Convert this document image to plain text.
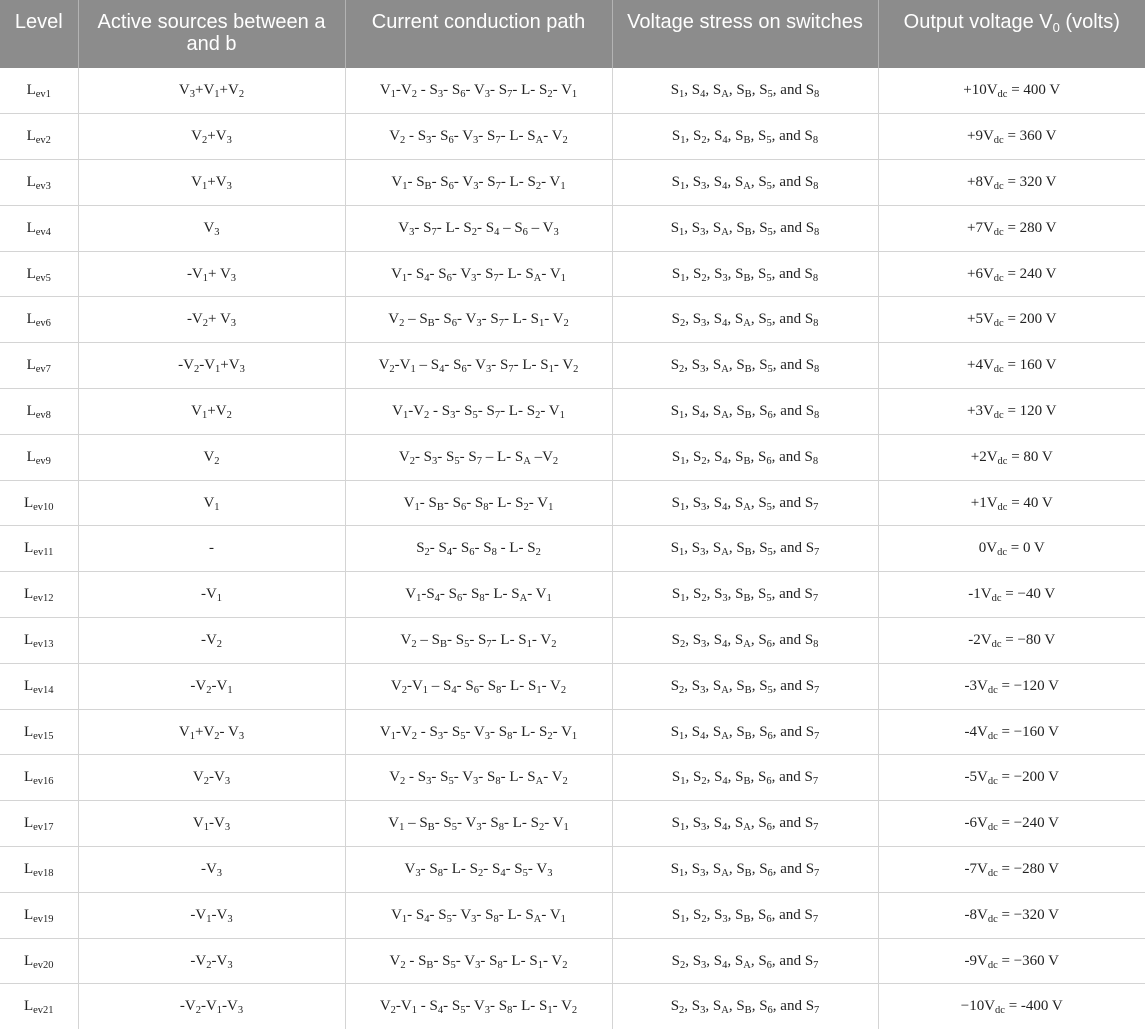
Level	Active sources between a and b	Current conduction path	Voltage stress on switches	Output voltage $V_0$ (volts)
$L_{ev1}$	$V_3+V_1+V_2$	$V_1-V_2 - S_3-$ $S_6-$ $V_3-$ $S_7-$ L- $S_2-$ $V_1$	$S_1$, $S_4$, $S_A$, $S_B$, $S_5$, and $S_8$	$+10V_{dc} = 400$ V
$L_{ev2}$	$V_2+V_3$	$V_2 - S_3-$ $S_6-$ $V_3-$ $S_7-$ L- $S_A-$ $V_2$	$S_1$, $S_2$, $S_4$, $S_B$, $S_5$, and $S_8$	$+9V_{dc} = 360$ V
$L_{ev3}$	$V_1+V_3$	$V_1-$ $S_B-$ $S_6-$ $V_3-$ $S_7-$ L- $S_2-$ $V_1$	$S_1$, $S_3$, $S_4$, $S_A$, $S_5$, and $S_8$	$+8V_{dc} = 320$ V
$L_{ev4}$	$V_3$	$V_3-$ $S_7-$ L- $S_2-$ $S_4 - S_6 - V_3$	$S_1$, $S_3$, $S_A$, $S_B$, $S_5$, and $S_8$	$+7V_{dc} = 280$ V
$L_{ev5}$	$-V_1+ V_3$	$V_1-$ $S_4-$ $S_6-$ $V_3-$ $S_7-$ L- $S_A-$ $V_1$	$S_1$, $S_2$, $S_3$, $S_B$, $S_5$, and $S_8$	$+6V_{dc} = 240$ V
$L_{ev6}$	$-V_2+ V_3$	$V_2 - S_B-$ $S_6-$ $V_3-$ $S_7-$ L- $S_1-$ $V_2$	$S_2$, $S_3$, $S_4$, $S_A$, $S_5$, and $S_8$	$+5V_{dc} = 200$ V
$L_{ev7}$	$-V_2-V_1+V_3$	$V_2-V_1 - S_4-$ $S_6-$ $V_3-$ $S_7-$ L- $S_1-$ $V_2$	$S_2$, $S_3$, $S_A$, $S_B$, $S_5$, and $S_8$	$+4V_{dc} = 160$ V
$L_{ev8}$	$V_1+V_2$	$V_1-V_2 - S_3-$ $S_5-$ $S_7-$ L- $S_2-$ $V_1$	$S_1$, $S_4$, $S_A$, $S_B$, $S_6$, and $S_8$	$+3V_{dc} = 120$ V
$L_{ev9}$	$V_2$	$V_2-$ $S_3-$ $S_5-$ $S_7 - L-$ $S_A$ $-V_2$	$S_1$, $S_2$, $S_4$, $S_B$, $S_6$, and $S_8$	$+2V_{dc} = 80$ V
$L_{ev10}$	$V_1$	$V_1-$ $S_B-$ $S_6-$ $S_8-$ L- $S_2-$ $V_1$	$S_1$, $S_3$, $S_4$, $S_A$, $S_5$, and $S_7$	$+1V_{dc} = 40$ V
$L_{ev11}$	-	$S_2-$ $S_4-$ $S_6-$ $S_8 - L-$ $S_2$	$S_1$, $S_3$, $S_A$, $S_B$, $S_5$, and $S_7$	$0V_{dc} = 0$ V
$L_{ev12}$	$-V_1$	$V_1-S_4-$ $S_6-$ $S_8-$ L- $S_A-$ $V_1$	$S_1$, $S_2$, $S_3$, $S_B$, $S_5$, and $S_7$	$-1V_{dc} = -40$ V
$L_{ev13}$	$-V_2$	$V_2 - S_B-$ $S_5-$ $S_7-$ L- $S_1-$ $V_2$	$S_2$, $S_3$, $S_4$, $S_A$, $S_6$, and $S_8$	$-2V_{dc} = -80$ V
$L_{ev14}$	$-V_2-V_1$	$V_2-V_1 - S_4-$ $S_6-$ $S_8-$ L- $S_1-$ $V_2$	$S_2$, $S_3$, $S_A$, $S_B$, $S_5$, and $S_7$	$-3V_{dc} = -120$ V
$L_{ev15}$	$V_1+V_2-$ $V_3$	$V_1-V_2 - S_3-$ $S_5-$ $V_3-$ $S_8-$ L- $S_2-$ $V_1$	$S_1$, $S_4$, $S_A$, $S_B$, $S_6$, and $S_7$	$-4V_{dc} = -160$ V
$L_{ev16}$	$V_2-V_3$	$V_2 - S_3-$ $S_5-$ $V_3-$ $S_8-$ L- $S_A-$ $V_2$	$S_1$, $S_2$, $S_4$, $S_B$, $S_6$, and $S_7$	$-5V_{dc} = -200$ V
$L_{ev17}$	$V_1-V_3$	$V_1 - S_B-$ $S_5-$ $V_3-$ $S_8-$ L- $S_2-$ $V_1$	$S_1$, $S_3$, $S_4$, $S_A$, $S_6$, and $S_7$	$-6V_{dc} = -240$ V
$L_{ev18}$	$-V_3$	$V_3-$ $S_8-$ L- $S_2-$ $S_4-$ $S_5-$ $V_3$	$S_1$, $S_3$, $S_A$, $S_B$, $S_6$, and $S_7$	$-7V_{dc} = -280$ V
$L_{ev19}$	$-V_1-V_3$	$V_1-$ $S_4-$ $S_5-$ $V_3-$ $S_8-$ L- $S_A-$ $V_1$	$S_1$, $S_2$, $S_3$, $S_B$, $S_6$, and $S_7$	$-8V_{dc} = -320$ V
$L_{ev20}$	$-V_2-V_3$	$V_2 - S_B-$ $S_5-$ $V_3-$ $S_8-$ L- $S_1-$ $V_2$	$S_2$, $S_3$, $S_4$, $S_A$, $S_6$, and $S_7$	$-9V_{dc} = -360$ V
$L_{ev21}$	$-V_2-V_1-V_3$	$V_2-V_1 - S_4-$ $S_5-$ $V_3-$ $S_8-$ L- $S_1-$ $V_2$	$S_2$, $S_3$, $S_A$, $S_B$, $S_6$, and $S_7$	$-10V_{dc} = -400$ V
